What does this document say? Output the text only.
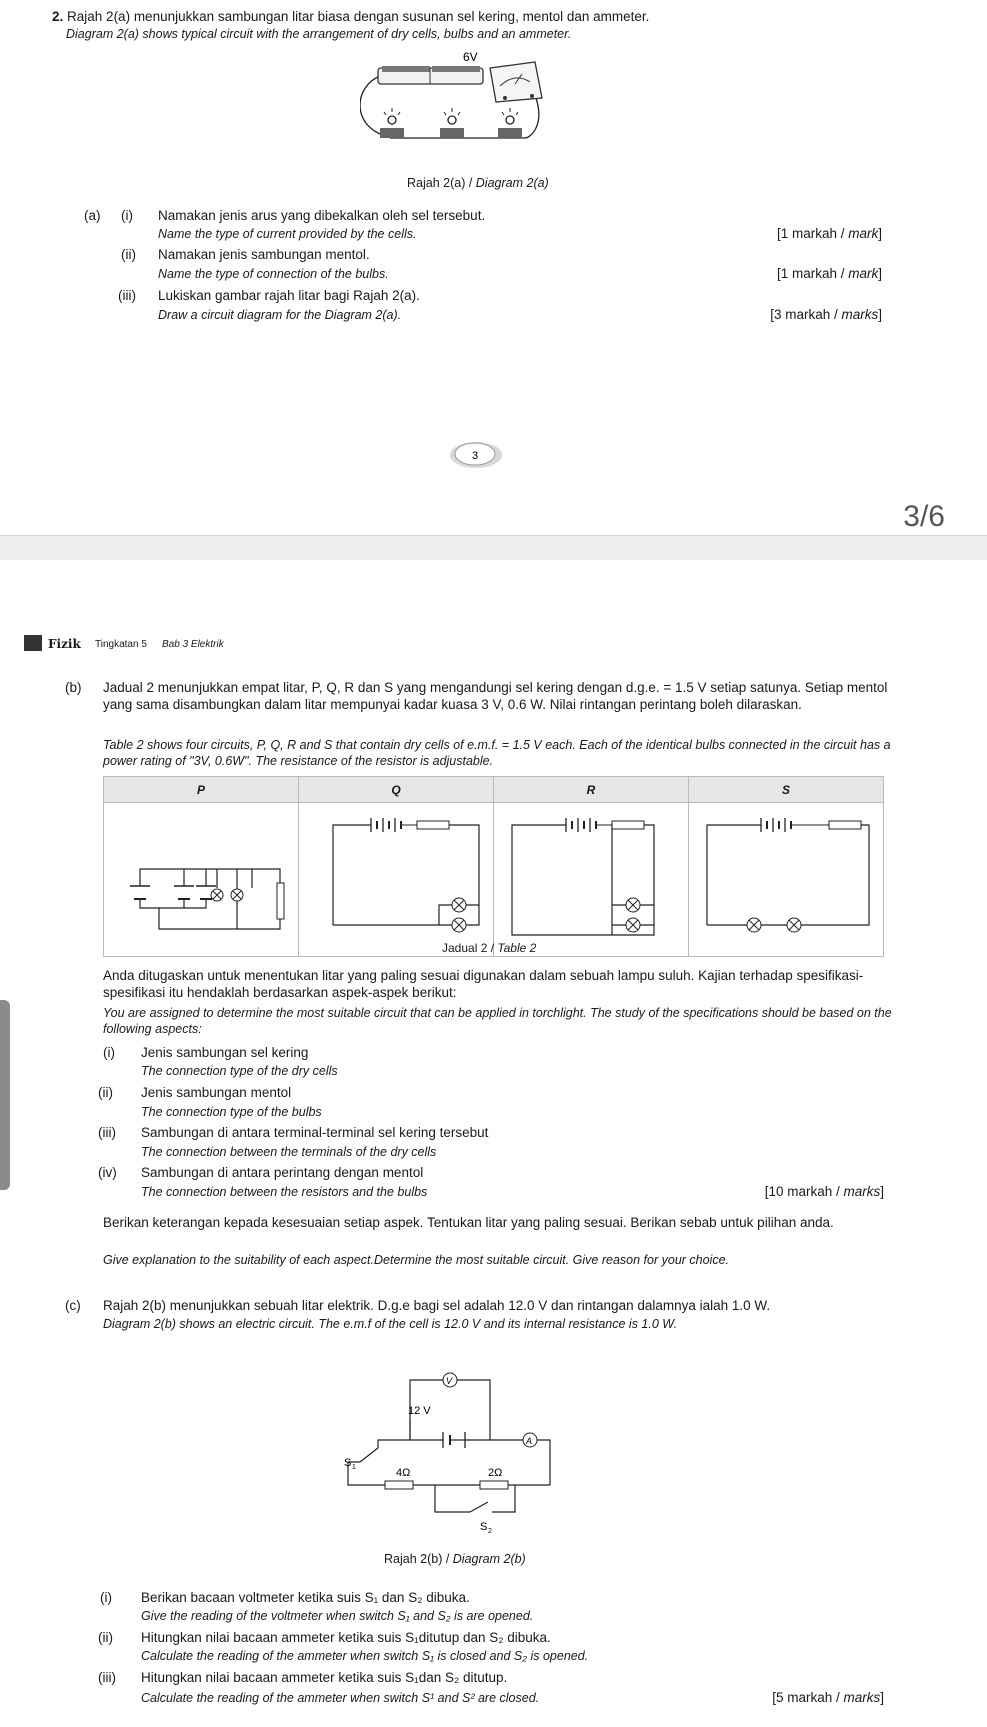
2. Rajah 2(a) menunjukkan sambungan litar biasa dengan susunan sel kering, mentol dan ammeter.
Diagram 2(a) shows typical circuit with the arrangement of dry cells, bulbs and an ammeter.
6V
Rajah 2(a) / Diagram 2(a)
(a) (i) Namakan jenis arus yang dibekalkan oleh sel tersebut.
Name the type of current provided by the cells.	[1 markah / mark]
(ii) Namakan jenis sambungan mentol.
Name the type of connection of the bulbs.	[1 markah / mark]
(iii) Lukiskan gambar rajah litar bagi Rajah 2(a).
Draw a circuit diagram for the Diagram 2(a).	[3 markah / marks]
3
3/6
Fizik Tingkatan 5 Bab 3 Elektrik
(b) Jadual 2 menunjukkan empat litar, P, Q, R dan S yang mengandungi sel kering dengan d.g.e. = 1.5 V setiap satunya. Setiap mentol yang sama disambungkan dalam litar mempunyai kadar kuasa 3 V, 0.6 W. Nilai rintangan perintang boleh dilaraskan.
Table 2 shows four circuits, P, Q, R and S that contain dry cells of e.m.f. = 1.5 V each. Each of the identical bulbs connected in the circuit has a power rating of "3V, 0.6W". The resistance of the resistor is adjustable.
P	Q	R	S

Jadual 2 / Table 2
Anda ditugaskan untuk menentukan litar yang paling sesuai digunakan dalam sebuah lampu suluh. Kajian terhadap spesifikasi-spesifikasi itu hendaklah berdasarkan aspek-aspek berikut:
You are assigned to determine the most suitable circuit that can be applied in torchlight. The study of the specifications should be based on the following aspects:
(i) Jenis sambungan sel kering
The connection type of the dry cells
(ii) Jenis sambungan mentol
The connection type of the bulbs
(iii) Sambungan di antara terminal-terminal sel kering tersebut
The connection between the terminals of the dry cells
(iv) Sambungan di antara perintang dengan mentol
The connection between the resistors and the bulbs	[10 markah / marks]
Berikan keterangan kepada kesesuaian setiap aspek. Tentukan litar yang paling sesuai. Berikan sebab untuk pilihan anda.
Give explanation to the suitability of each aspect.Determine the most suitable circuit. Give reason for your choice.
(c) Rajah 2(b) menunjukkan sebuah litar elektrik. D.g.e bagi sel adalah 12.0 V dan rintangan dalamnya ialah 1.0 W.
Diagram 2(b) shows an electric circuit. The e.m.f of the cell is 12.0 V and its internal resistance is 1.0 W.
V
12 V
A
S 1	4Ω	2Ω
S 2
Rajah 2(b) / Diagram 2(b)
(i) Berikan bacaan voltmeter ketika suis S₁ dan S₂ dibuka.
Give the reading of the voltmeter when switch S₁ and S₂ is are opened.
(ii) Hitungkan nilai bacaan ammeter ketika suis S₁ditutup dan S₂ dibuka.
Calculate the reading of the ammeter when switch S₁ is closed and S₂ is opened.
(iii) Hitungkan nilai bacaan ammeter ketika suis S₁dan S₂ ditutup.
Calculate the reading of the ammeter when switch S¹ and S² are closed.	[5 markah / marks]
